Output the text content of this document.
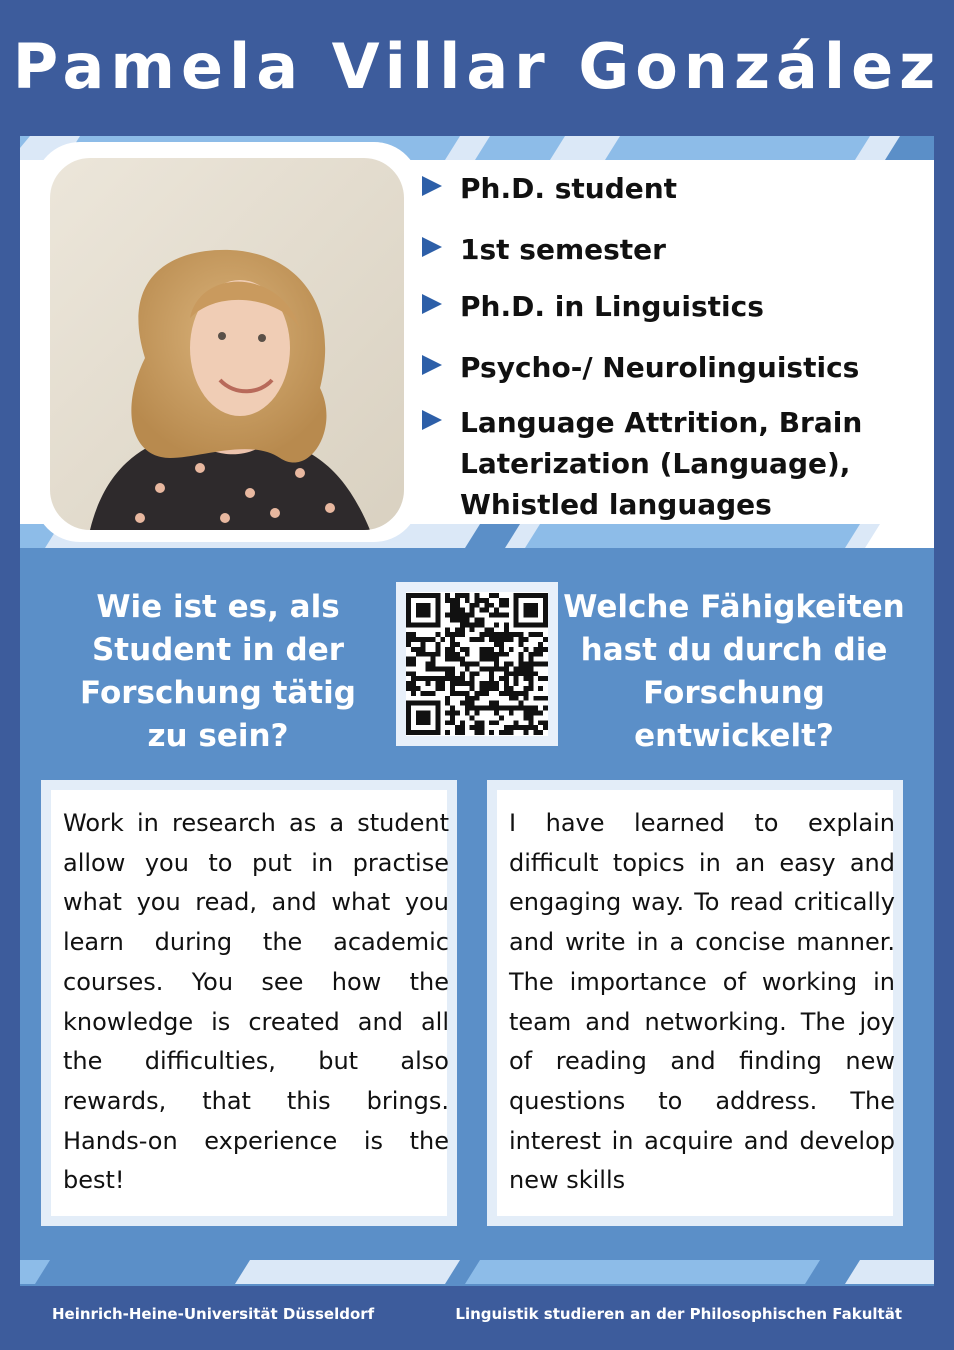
Pamela Villar González
Ph.D. student
1st semester
Ph.D. in Linguistics
Psycho-/ Neurolinguistics
Language Attrition, Brain Laterization (Language), Whistled languages
Wie ist es, als Student in der Forschung tätig zu sein?
Welche Fähigkeiten hast du durch die Forschung entwickelt?
Work in research as a student allow you to put in practise what you read, and what you learn during the academic courses. You see how the knowledge is created and all the difficulties, but also rewards, that this brings. Hands-on experience is the best!
I have learned to explain difficult topics in an easy and engaging way. To read critically and write in a concise manner. The importance of working in team and networking. The joy of reading and finding new questions to address. The interest in acquire and develop new skills
Heinrich-Heine-Universität Düsseldorf	Linguistik studieren an der Philosophischen Fakultät
